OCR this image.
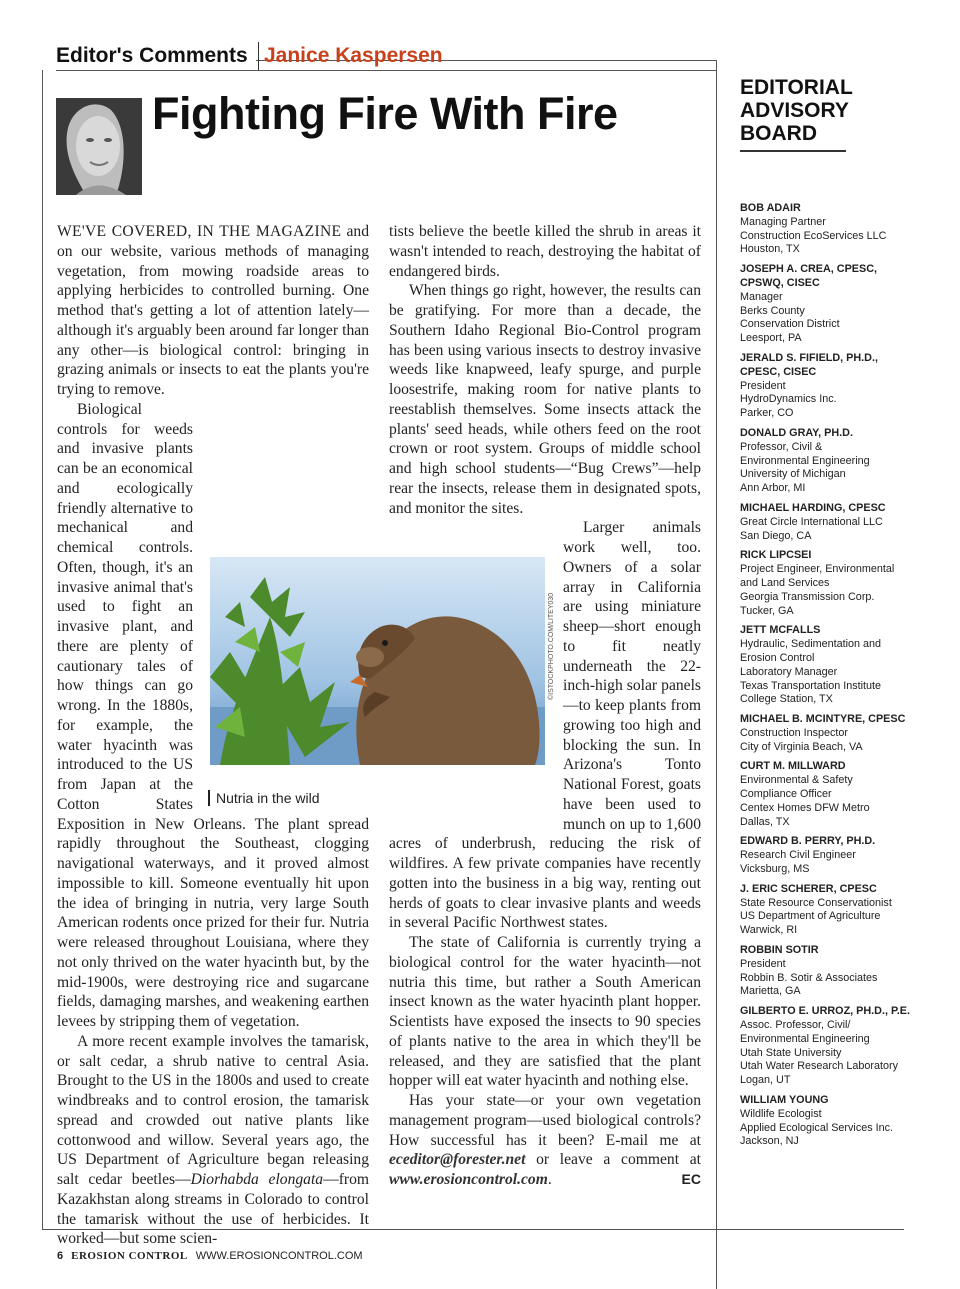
Editor's Comments Janice Kaspersen
Fighting Fire With Fire

WE'VE COVERED, IN THE MAGAZINE and on our website, various methods of managing vegetation, from mowing roadside areas to applying herbicides to controlled burning. One method that's getting a lot of attention lately—although it's arguably been around far longer than any other—is biological control: bringing in grazing animals or insects to eat the plants you're trying to remove.

Biological controls for weeds and invasive plants can be an economical and ecologically friendly alternative to mechanical and chemical controls. Often, though, it's an invasive animal that's used to fight an invasive plant, and there are plenty of cautionary tales of how things can go wrong. In the 1880s, for example, the water hyacinth was introduced to the US from Japan at the Cotton States Exposition in New Orleans. The plant spread rapidly throughout the Southeast, clogging navigational waterways, and it proved almost impossible to kill. Someone eventually hit upon the idea of bringing in nutria, very large South American rodents once prized for their fur. Nutria were released throughout Louisiana, where they not only thrived on the water hyacinth but, by the mid-1900s, were destroying rice and sugarcane fields, damaging marshes, and weakening earthen levees by stripping them of vegetation.

A more recent example involves the tamarisk, or salt cedar, a shrub native to central Asia. Brought to the US in the 1800s and used to create windbreaks and to control erosion, the tamarisk spread and crowded out native plants like cottonwood and willow. Several years ago, the US Department of Agriculture began releasing salt cedar beetles—Diorhabda elongata—from Kazakhstan along streams in Colorado to control the tamarisk without the use of herbicides. It worked—but some scien-

tists believe the beetle killed the shrub in areas it wasn't intended to reach, destroying the habitat of endangered birds.

When things go right, however, the results can be gratifying. For more than a decade, the Southern Idaho Regional Bio-Control program has been using various insects to destroy invasive weeds like knapweed, leafy spurge, and purple loosestrife, making room for native plants to reestablish themselves. Some insects attack the plants' seed heads, while others feed on the root crown or root system. Groups of middle school and high school students—“Bug Crews”—help rear the insects, release them in designated spots, and monitor the sites.

Larger animals work well, too. Owners of a solar array in California are using miniature sheep—short enough to fit neatly underneath the 22-inch-high solar panels—to keep plants from growing too high and blocking the sun. In Arizona's Tonto National Forest, goats have been used to munch on up to 1,600 acres of underbrush, reducing the risk of wildfires. A few private companies have recently gotten into the business in a big way, renting out herds of goats to clear invasive plants and weeds in several Pacific Northwest states.

The state of California is currently trying a biological control for the water hyacinth—not nutria this time, but rather a South American insect known as the water hyacinth plant hopper. Scientists have exposed the insects to 90 species of plants native to the area in which they'll be released, and they are satisfied that the plant hopper will eat water hyacinth and nothing else.

Has your state—or your own vegetation management program—used biological controls? How successful has it been? E-mail me at eceditor@forester.net or leave a comment at www.erosioncontrol.com.	EC

©ISTOCKPHOTO.COM/LITEY030
Nutria in the wild
EDITORIAL
ADVISORY
BOARD
BOB ADAIR
Managing Partner
Construction EcoServices LLC
Houston, TX
JOSEPH A. CREA, CPESC, CPSWQ, CISEC
Manager
Berks County
Conservation District
Leesport, PA
JERALD S. FIFIELD, PH.D., CPESC, CISEC
President
HydroDynamics Inc.
Parker, CO
DONALD GRAY, PH.D.
Professor, Civil &
Environmental Engineering
University of Michigan
Ann Arbor, MI
MICHAEL HARDING, CPESC
Great Circle International LLC
San Diego, CA
RICK LIPCSEI
Project Engineer, Environmental
and Land Services
Georgia Transmission Corp.
Tucker, GA
JETT MCFALLS
Hydraulic, Sedimentation and
Erosion Control
Laboratory Manager
Texas Transportation Institute
College Station, TX
MICHAEL B. MCINTYRE, CPESC
Construction Inspector
City of Virginia Beach, VA
CURT M. MILLWARD
Environmental & Safety
Compliance Officer
Centex Homes DFW Metro
Dallas, TX
EDWARD B. PERRY, PH.D.
Research Civil Engineer
Vicksburg, MS
J. ERIC SCHERER, CPESC
State Resource Conservationist
US Department of Agriculture
Warwick, RI
ROBBIN SOTIR
President
Robbin B. Sotir & Associates
Marietta, GA
GILBERTO E. URROZ, PH.D., P.E.
Assoc. Professor, Civil/
Environmental Engineering
Utah State University
Utah Water Research Laboratory
Logan, UT
WILLIAM YOUNG
Wildlife Ecologist
Applied Ecological Services Inc.
Jackson, NJ
6 EROSION CONTROL WWW.EROSIONCONTROL.COM
